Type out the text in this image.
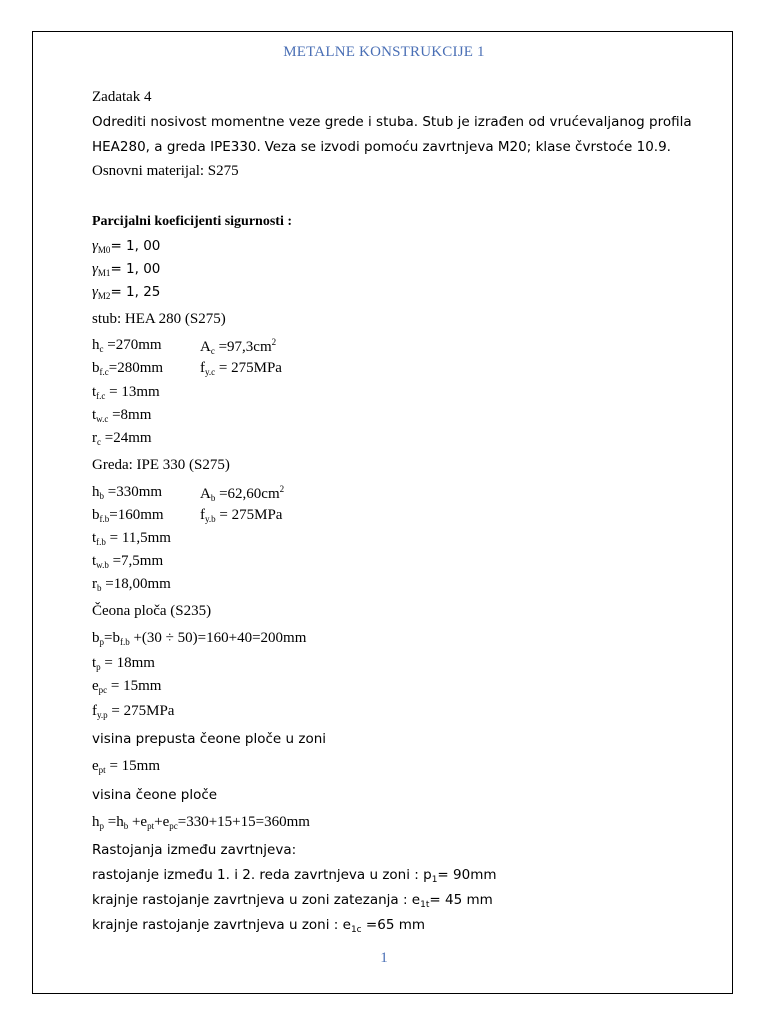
METALNE KONSTRUKCIJE 1
Zadatak 4
Odrediti nosivost momentne veze grede i stuba. Stub je izrađen od vrućevaljanog profila
HEA280, a greda IPE330. Veza se izvodi pomoću zavrtnjeva M20; klase čvrstoće 10.9.
Osnovni materijal: S275
Parcijalni koeficijenti sigurnosti :
$\gamma_{M0}= 1$, 00
$\gamma_{M1}= 1$, 00
$\gamma_{M2}= 1$, 25
stub: HEA 280 (S275)
$h_c =270mm$	$A_c =97,3cm^2$
$b_{f.c}=280mm$ $f_{y.c} = 275MPa$
$t_{f.c} = 13mm$
$t_{w.c} =8mm$
$r_c =24mm$
Greda: IPE 330 (S275)
$h_b =330mm$	$A_b =62,60cm^2$
$b_{f.b}=160mm$ $f_{y.b} = 275MPa$
$t_{f.b} = 11,5mm$
$t_{w.b} =7,5mm$
$r_b =18,00mm$
Čeona ploča (S235)
$b_p=b_{f.b} +(30 \div 50)=160+40=200mm$
$t_p = 18mm$
$e_{pc} = 15mm$
$f_{y.p} = 275MPa$
visina prepusta čeone ploče u zoni
$e_{pt} = 15mm$
visina čeone ploče
$h_p =h_b +e_{pt}+e_{pc}=330+15+15=360mm$
Rastojanja između zavrtnjeva:
rastojanje između 1. i 2. reda zavrtnjeva u zoni : $p_1= 90mm$
krajnje rastojanje zavrtnjeva u zoni zatezanja : $e_{1t}= 45$ mm
krajnje rastojanje zavrtnjeva u zoni : $e_{1c} =65$ mm
1
